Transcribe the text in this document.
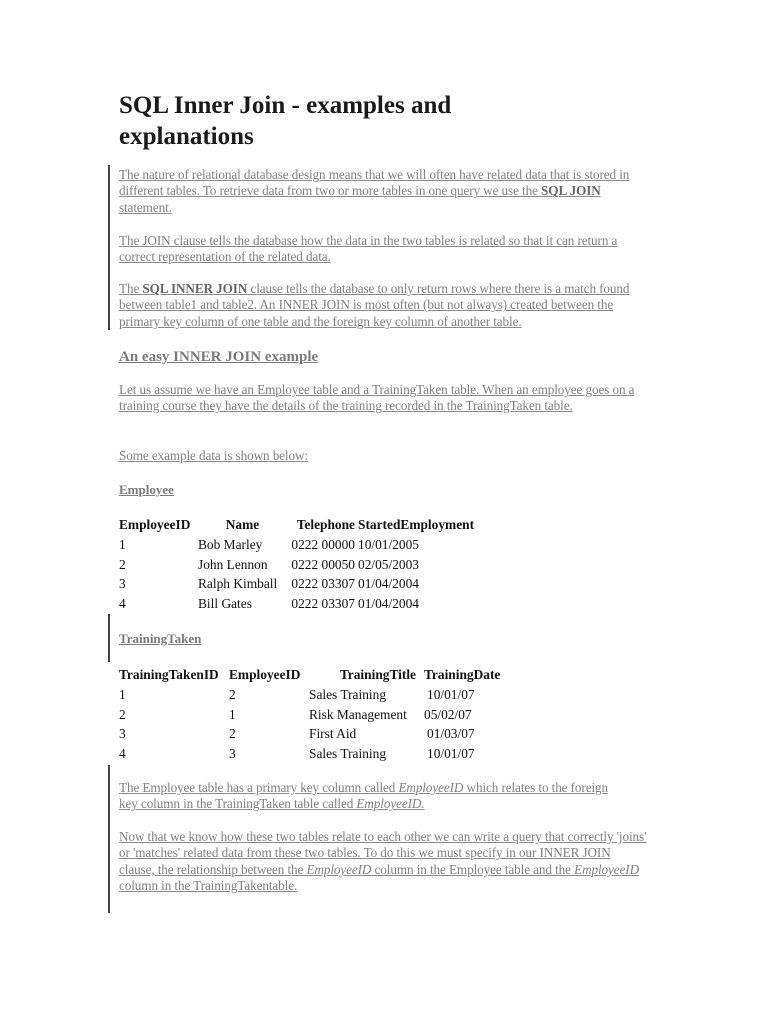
SQL Inner Join - examples and explanations

The nature of relational database design means that we will often have related data that is stored in different tables. To retrieve data from two or more tables in one query we use the SQL JOIN statement.

The JOIN clause tells the database how the data in the two tables is related so that it can return a correct representation of the related data.

The SQL INNER JOIN clause tells the database to only return rows where there is a match found between table1 and table2. An INNER JOIN is most often (but not always) created between the primary key column of one table and the foreign key column of another table.

An easy INNER JOIN example

Let us assume we have an Employee table and a TrainingTaken table. When an employee goes on a training course they have the details of the training recorded in the TrainingTaken table.

Some example data is shown below:

Employee

EmployeeID	Name	Telephone	StartedEmployment
1	Bob Marley	0222 00000	10/01/2005
2	John Lennon	0222 00050	02/05/2003
3	Ralph Kimball	0222 03307	01/04/2004
4	Bill Gates	0222 03307	01/04/2004

TrainingTaken

TrainingTakenID	EmployeeID	TrainingTitle	TrainingDate
1	2	Sales Training	10/01/07
2	1	Risk Management	05/02/07
3	2	First Aid	01/03/07
4	3	Sales Training	10/01/07

The Employee table has a primary key column called EmployeeID which relates to the foreign key column in the TrainingTaken table called EmployeeID.

Now that we know how these two tables relate to each other we can write a query that correctly 'joins' or 'matches' related data from these two tables. To do this we must specify in our INNER JOIN clause, the relationship between the EmployeeID column in the Employee table and the EmployeeID column in the TrainingTakentable.
